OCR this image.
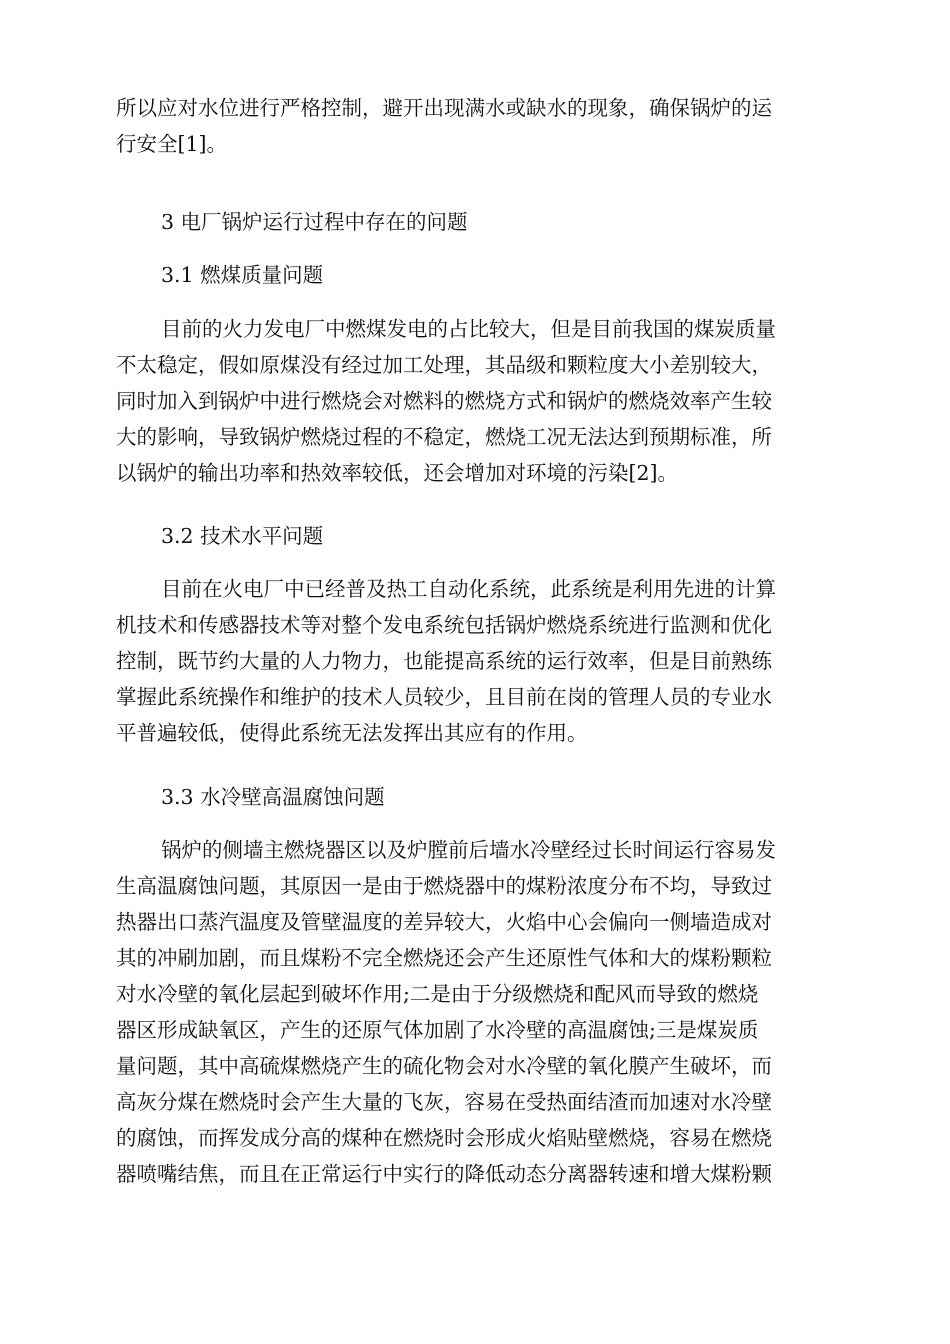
所以应对水位进行严格控制，避开出现满水或缺水的现象，确保锅炉的运
行安全[1]。
3 电厂锅炉运行过程中存在的问题
3.1 燃煤质量问题
目前的火力发电厂中燃煤发电的占比较大，但是目前我国的煤炭质量
不太稳定，假如原煤没有经过加工处理，其品级和颗粒度大小差别较大，
同时加入到锅炉中进行燃烧会对燃料的燃烧方式和锅炉的燃烧效率产生较
大的影响，导致锅炉燃烧过程的不稳定，燃烧工况无法达到预期标准，所
以锅炉的输出功率和热效率较低，还会增加对环境的污染[2]。
3.2 技术水平问题
目前在火电厂中已经普及热工自动化系统，此系统是利用先进的计算
机技术和传感器技术等对整个发电系统包括锅炉燃烧系统进行监测和优化
控制，既节约大量的人力物力，也能提高系统的运行效率，但是目前熟练
掌握此系统操作和维护的技术人员较少，且目前在岗的管理人员的专业水
平普遍较低，使得此系统无法发挥出其应有的作用。
3.3 水冷壁高温腐蚀问题
锅炉的侧墙主燃烧器区以及炉膛前后墙水冷壁经过长时间运行容易发
生高温腐蚀问题，其原因一是由于燃烧器中的煤粉浓度分布不均，导致过
热器出口蒸汽温度及管壁温度的差异较大，火焰中心会偏向一侧墙造成对
其的冲刷加剧，而且煤粉不完全燃烧还会产生还原性气体和大的煤粉颗粒
对水冷壁的氧化层起到破坏作用;二是由于分级燃烧和配风而导致的燃烧
器区形成缺氧区，产生的还原气体加剧了水冷壁的高温腐蚀;三是煤炭质
量问题，其中高硫煤燃烧产生的硫化物会对水冷壁的氧化膜产生破坏，而
高灰分煤在燃烧时会产生大量的飞灰，容易在受热面结渣而加速对水冷壁
的腐蚀，而挥发成分高的煤种在燃烧时会形成火焰贴壁燃烧，容易在燃烧
器喷嘴结焦，而且在正常运行中实行的降低动态分离器转速和增大煤粉颗
